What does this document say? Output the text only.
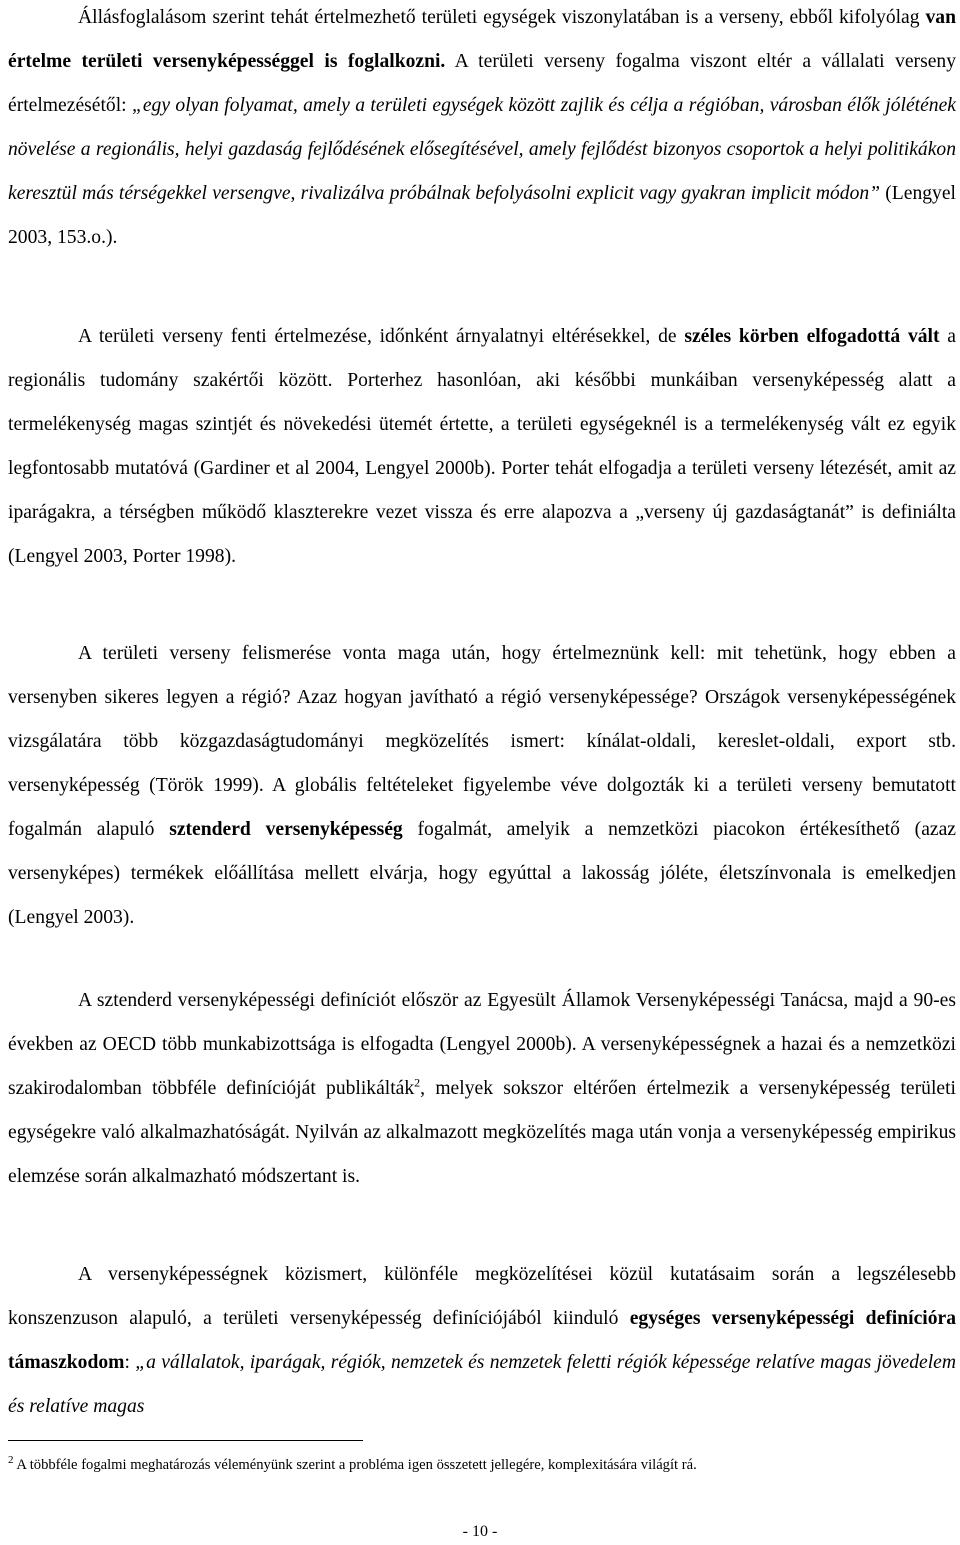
Állásfoglalásom szerint tehát értelmezhető területi egységek viszonylatában is a verseny, ebből kifolyólag van értelme területi versenyképességgel is foglalkozni. A területi verseny fogalma viszont eltér a vállalati verseny értelmezésétől: „egy olyan folyamat, amely a területi egységek között zajlik és célja a régióban, városban élők jólétének növelése a regionális, helyi gazdaság fejlődésének elősegítésével, amely fejlődést bizonyos csoportok a helyi politikákon keresztül más térségekkel versengve, rivalizálva próbálnak befolyásolni explicit vagy gyakran implicit módon” (Lengyel 2003, 153.o.).

A területi verseny fenti értelmezése, időnként árnyalatnyi eltérésekkel, de széles körben elfogadottá vált a regionális tudomány szakértői között. Porterhez hasonlóan, aki későbbi munkáiban versenyképesség alatt a termelékenység magas szintjét és növekedési ütemét értette, a területi egységeknél is a termelékenység vált ez egyik legfontosabb mutatóvá (Gardiner et al 2004, Lengyel 2000b). Porter tehát elfogadja a területi verseny létezését, amit az iparágakra, a térségben működő klaszterekre vezet vissza és erre alapozva a „verseny új gazdaságtanát” is definiálta (Lengyel 2003, Porter 1998).

A területi verseny felismerése vonta maga után, hogy értelmeznünk kell: mit tehetünk, hogy ebben a versenyben sikeres legyen a régió? Azaz hogyan javítható a régió versenyképessége? Országok versenyképességének vizsgálatára több közgazdaságtudományi megközelítés ismert: kínálat-oldali, kereslet-oldali, export stb. versenyképesség (Török 1999). A globális feltételeket figyelembe véve dolgozták ki a területi verseny bemutatott fogalmán alapuló sztenderd versenyképesség fogalmát, amelyik a nemzetközi piacokon értékesíthető (azaz versenyképes) termékek előállítása mellett elvárja, hogy egyúttal a lakosság jóléte, életszínvonala is emelkedjen (Lengyel 2003).

A sztenderd versenyképességi definíciót először az Egyesült Államok Versenyképességi Tanácsa, majd a 90-es években az OECD több munkabizottsága is elfogadta (Lengyel 2000b). A versenyképességnek a hazai és a nemzetközi szakirodalomban többféle definícióját publikálták$^2$, melyek sokszor eltérően értelmezik a versenyképesség területi egységekre való alkalmazhatóságát. Nyilván az alkalmazott megközelítés maga után vonja a versenyképesség empirikus elemzése során alkalmazható módszertant is.

A versenyképességnek közismert, különféle megközelítései közül kutatásaim során a legszélesebb konszenzuson alapuló, a területi versenyképesség definíciójából kiinduló egységes versenyképességi definícióra támaszkodom: „a vállalatok, iparágak, régiók, nemzetek és nemzetek feletti régiók képessége relatíve magas jövedelem és relatíve magas

$^2$ A többféle fogalmi meghatározás véleményünk szerint a probléma igen összetett jellegére, komplexitására világít rá.
- 10 -
